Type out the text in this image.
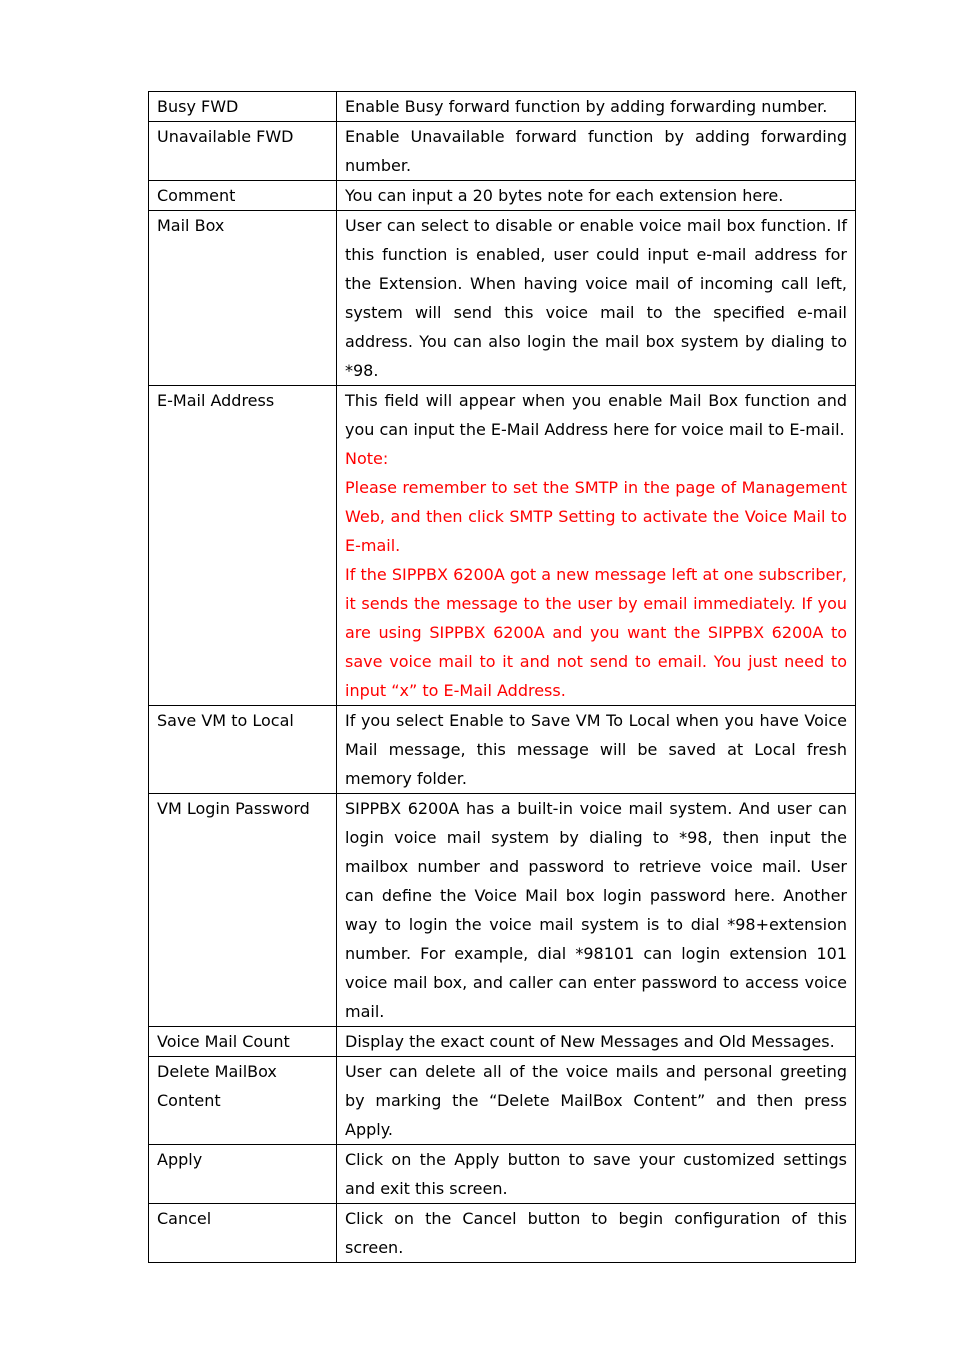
Busy FWD	Enable Busy forward function by adding forwarding number.
Unavailable FWD	Enable Unavailable forward function by adding forwarding number.
Comment	You can input a 20 bytes note for each extension here.
Mail Box	User can select to disable or enable voice mail box function. If this function is enabled, user could input e-mail address for the Extension. When having voice mail of incoming call left, system will send this voice mail to the specified e-mail address. You can also login the mail box system by dialing to *98.
E-Mail Address	This field will appear when you enable Mail Box function and you can input the E-Mail Address here for voice mail to E-mail.
Note:
Please remember to set the SMTP in the page of Management Web, and then click SMTP Setting to activate the Voice Mail to E-mail.
If the SIPPBX 6200A got a new message left at one subscriber, it sends the message to the user by email immediately. If you are using SIPPBX 6200A and you want the SIPPBX 6200A to save voice mail to it and not send to email. You just need to input “x” to E-Mail Address.

Save VM to Local	If you select Enable to Save VM To Local when you have Voice Mail message, this message will be saved at Local fresh memory folder.
VM Login Password	SIPPBX 6200A has a built-in voice mail system. And user can login voice mail system by dialing to *98, then input the mailbox number and password to retrieve voice mail. User can define the Voice Mail box login password here. Another way to login the voice mail system is to dial *98+extension number. For example, dial *98101 can login extension 101 voice mail box, and caller can enter password to access voice mail.
Voice Mail Count	Display the exact count of New Messages and Old Messages.
Delete MailBox Content	User can delete all of the voice mails and personal greeting by marking the “Delete MailBox Content” and then press Apply.
Apply	Click on the Apply button to save your customized settings and exit this screen.
Cancel	Click on the Cancel button to begin configuration of this screen.
